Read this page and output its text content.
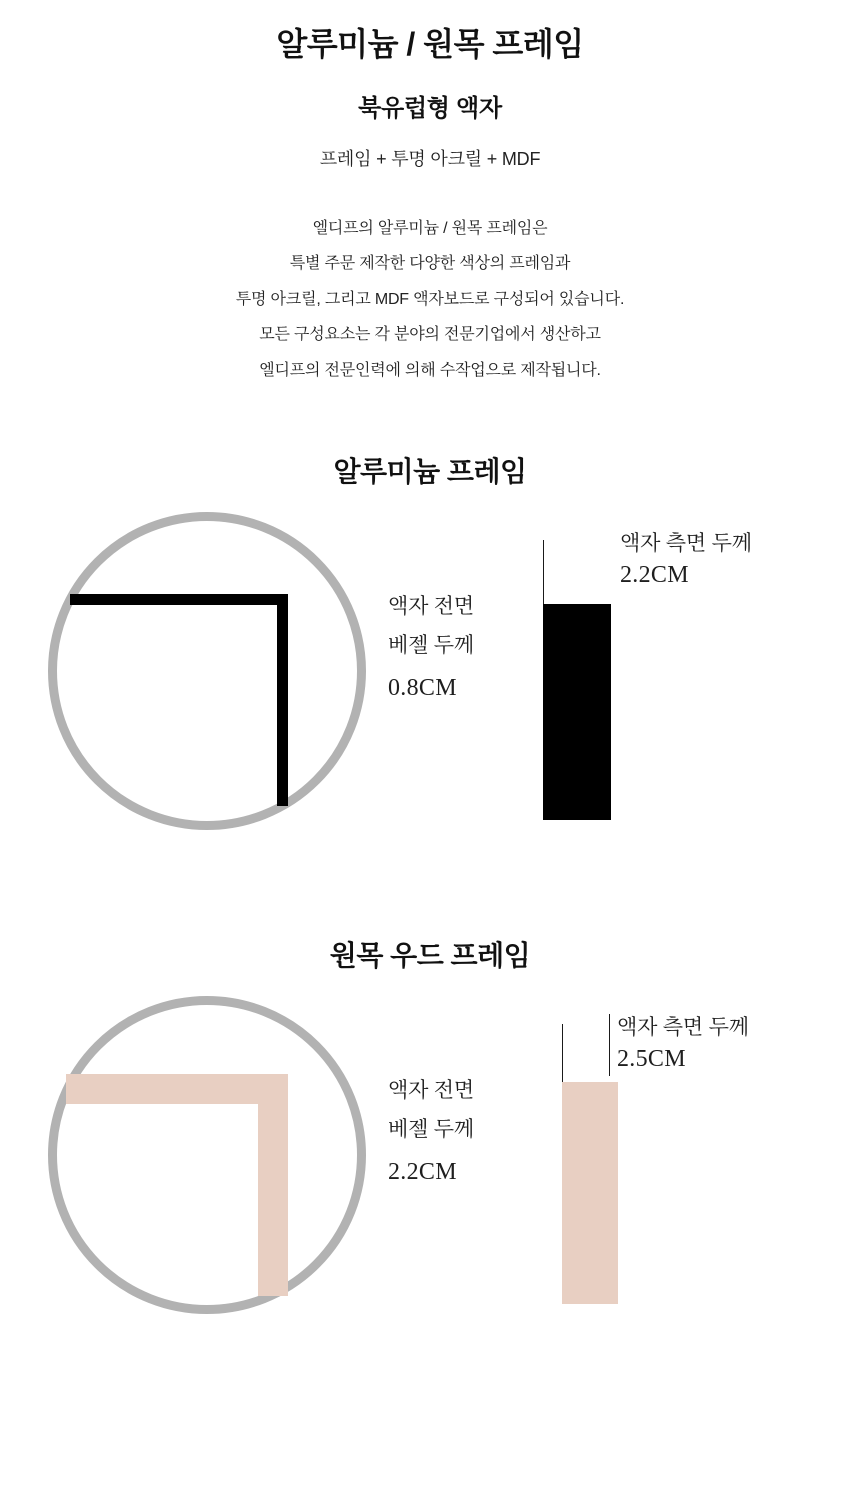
알루미늄 / 원목 프레임
북유럽형 액자

프레임 + 투명 아크릴 + MDF

엘디프의 알루미늄 / 원목 프레임은

특별 주문 제작한 다양한 색상의 프레임과

투명 아크릴, 그리고 MDF 액자보드로 구성되어 있습니다.

모든 구성요소는 각 분야의 전문기업에서 생산하고

엘디프의 전문인력에 의해 수작업으로 제작됩니다.

알루미늄 프레임
액자 전면
베젤 두께
0.8CM
액자 측면 두께
2.2CM
원목 우드 프레임
액자 전면
베젤 두께
2.2CM
액자 측면 두께
2.5CM
